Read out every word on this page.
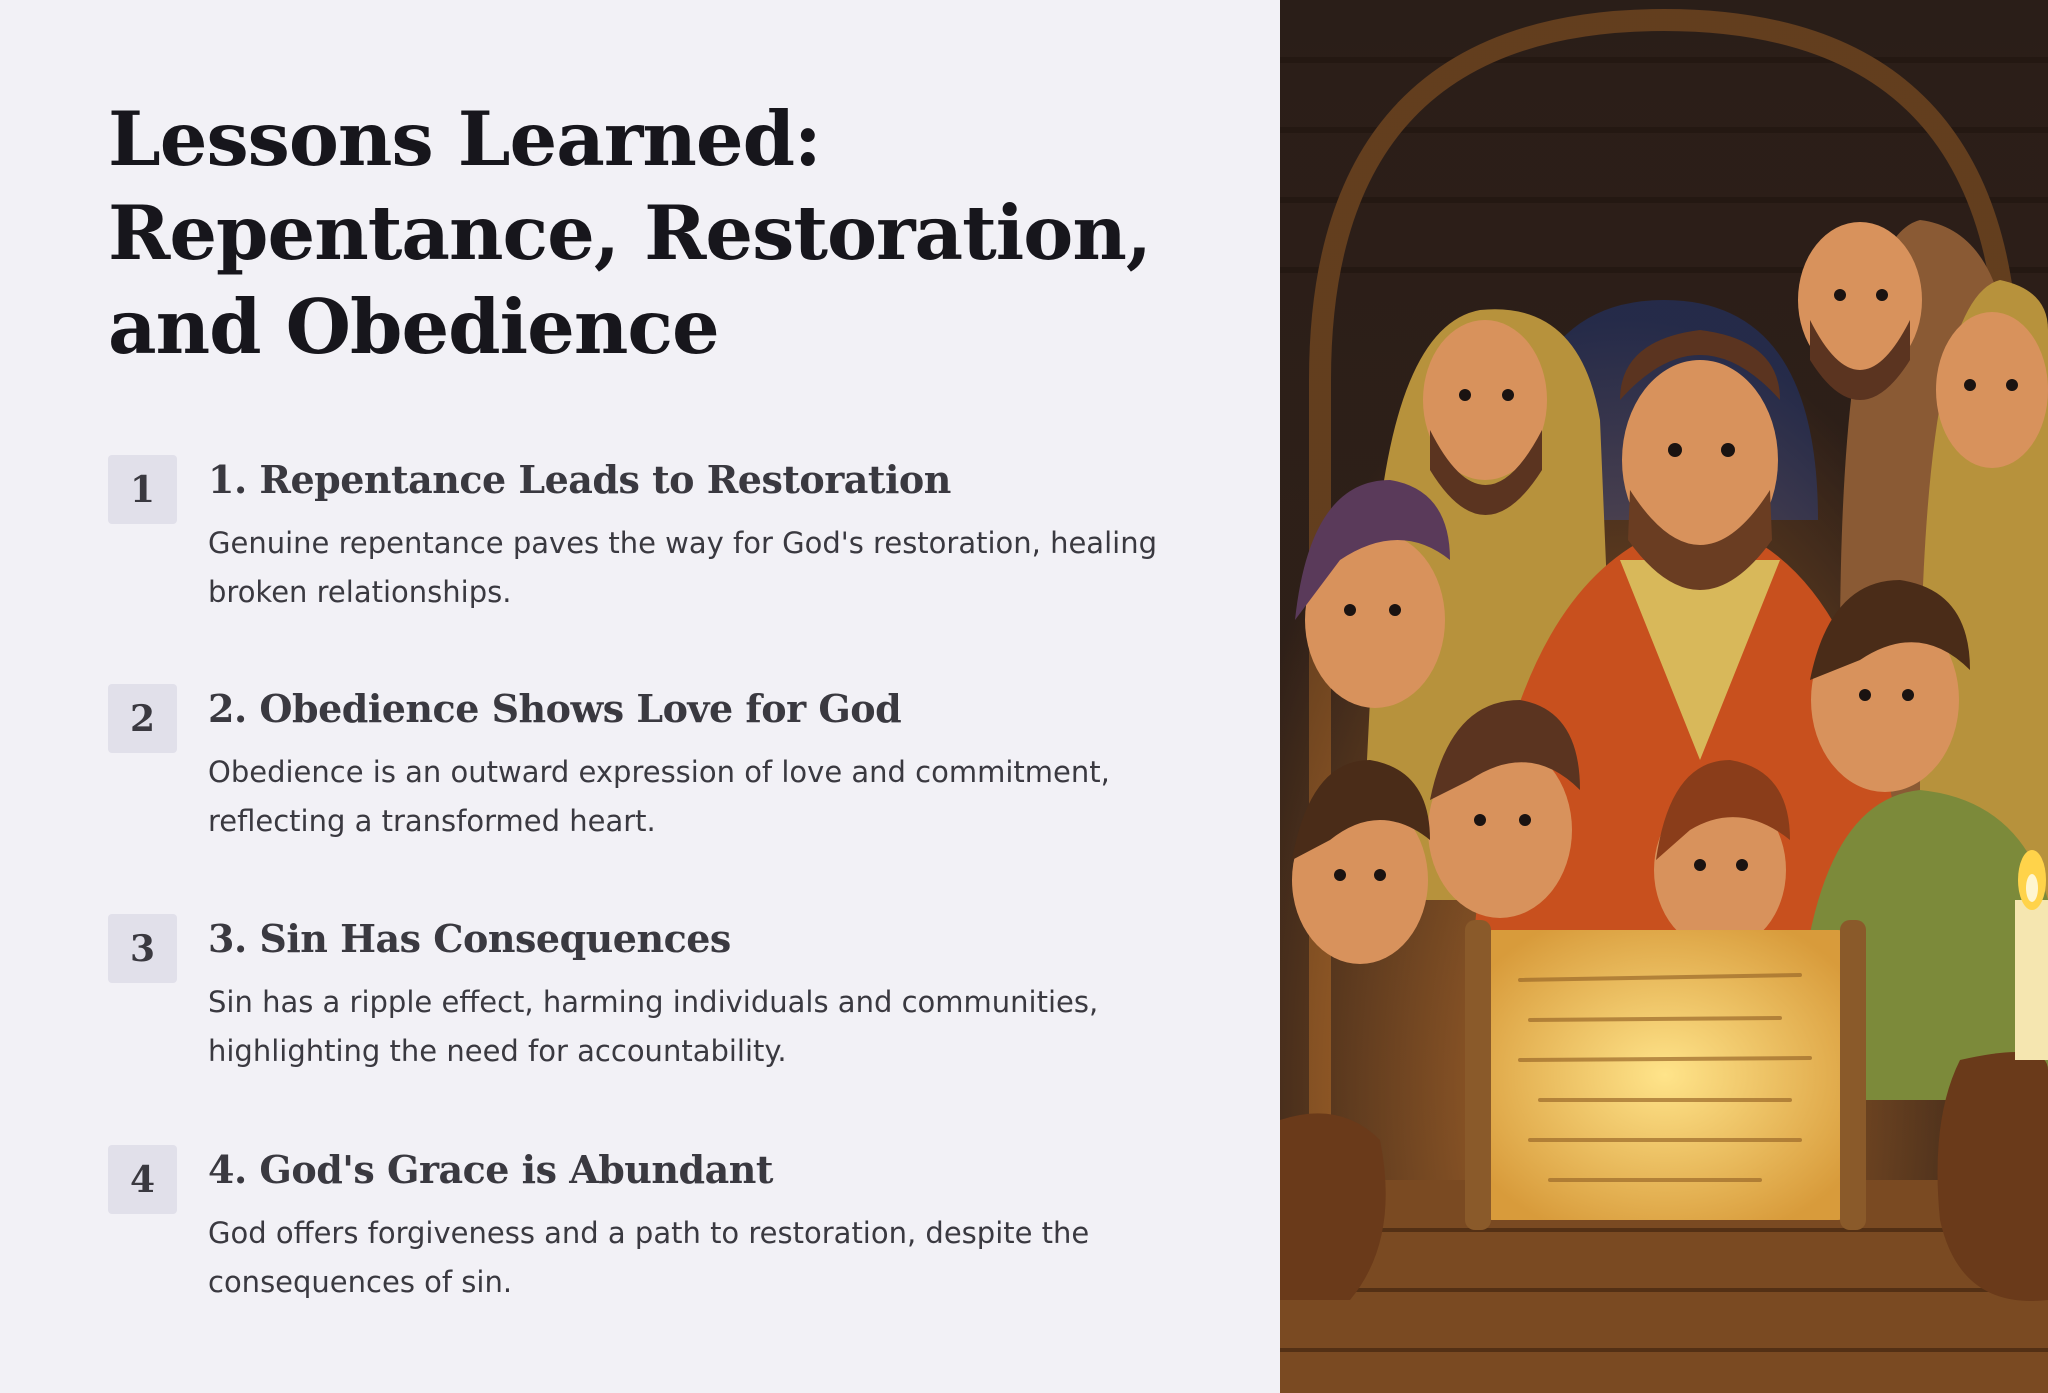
Lessons Learned: Repentance, Restoration, and Obedience
1	1. Repentance Leads to Restoration

Genuine repentance paves the way for God's restoration, healing broken relationships.

2	2. Obedience Shows Love for God

Obedience is an outward expression of love and commitment, reflecting a transformed heart.

3	3. Sin Has Consequences

Sin has a ripple effect, harming individuals and communities, highlighting the need for accountability.

4	4. God's Grace is Abundant

God offers forgiveness and a path to restoration, despite the consequences of sin.
